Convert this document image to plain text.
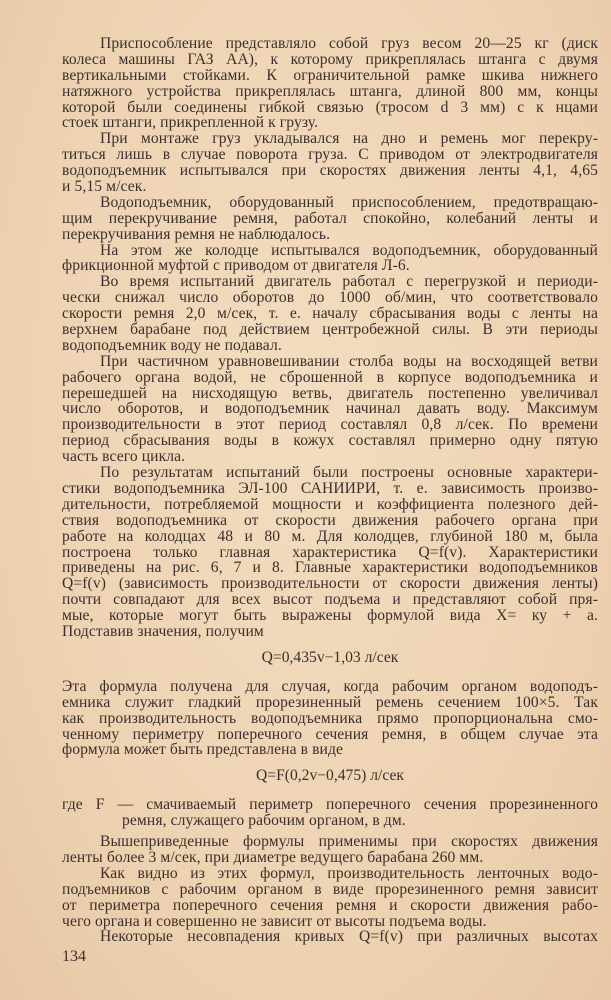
Приспособление представляло собой груз весом 20—25 кг (диск
колеса машины ГАЗ АА), к которому прикреплялась штанга с двумя
вертикальными стойками. К ограничительной рамке шкива нижнего
натяжного устройства прикреплялась штанга, длиной 800 мм, концы
которой были соединены гибкой связью (тросом d 3 мм) с к нцами
стоек штанги, прикрепленной к грузу.
При монтаже груз укладывался на дно и ремень мог перекру-
титься лишь в случае поворота груза. С приводом от электродвигателя
водоподъемник испытывался при скоростях движения ленты 4,1, 4,65
и 5,15 м/сек.
Водоподъемник, оборудованный приспособлением, предотвращаю-
щим перекручивание ремня, работал спокойно, колебаний ленты и
перекручивания ремня не наблюдалось.
На этом же колодце испытывался водоподъемник, оборудованный
фрикционной муфтой с приводом от двигателя Л-6.
Во время испытаний двигатель работал с перегрузкой и периоди-
чески снижал число оборотов до 1000 об/мин, что соответствовало
скорости ремня 2,0 м/сек, т. е. началу сбрасывания воды с ленты на
верхнем барабане под действием центробежной силы. В эти периоды
водоподъемник воду не подавал.
При частичном уравновешивании столба воды на восходящей ветви
рабочего органа водой, не сброшенной в корпусе водоподъемника и
перешедшей на нисходящую ветвь, двигатель постепенно увеличивал
число оборотов, и водоподъемник начинал давать воду. Максимум
производительности в этот период составлял 0,8 л/сек. По времени
период сбрасывания воды в кожух составлял примерно одну пятую
часть всего цикла.
По результатам испытаний были построены основные характери-
стики водоподъемника ЭЛ-100 САНИИРИ, т. е. зависимость произво-
дительности, потребляемой мощности и коэффициента полезного дей-
ствия водоподъемника от скорости движения рабочего органа при
работе на колодцах 48 и 80 м. Для колодцев, глубиной 180 м, была
построена только главная характеристика Q=f(v). Характеристики
приведены на рис. 6, 7 и 8. Главные характеристики водоподъемников
Q=f(v) (зависимость производительности от скорости движения ленты)
почти совпадают для всех высот подъема и представляют собой пря-
мые, которые могут быть выражены формулой вида X= ку + а.
Подставив значения, получим
Q=0,435v−1,03 л/сек
Эта формула получена для случая, когда рабочим органом водоподъ-
емника служит гладкий прорезиненный ремень сечением 100×5. Так
как производительность водоподъемника прямо пропорциональна смо-
ченному периметру поперечного сечения ремня, в общем случае эта
формула может быть представлена в виде
Q=F(0,2v−0,475) л/сек
где F — смачиваемый периметр поперечного сечения прорезиненного
ремня, служащего рабочим органом, в дм.
Вышеприведенные формулы применимы при скоростях движения
ленты более 3 м/сек, при диаметре ведущего барабана 260 мм.
Как видно из этих формул, производительность ленточных водо-
подъемников с рабочим органом в виде прорезиненного ремня зависит
от периметра поперечного сечения ремня и скорости движения рабо-
чего органа и совершенно не зависит от высоты подъема воды.
Некоторые несовпадения кривых Q=f(v) при различных высотах
134
